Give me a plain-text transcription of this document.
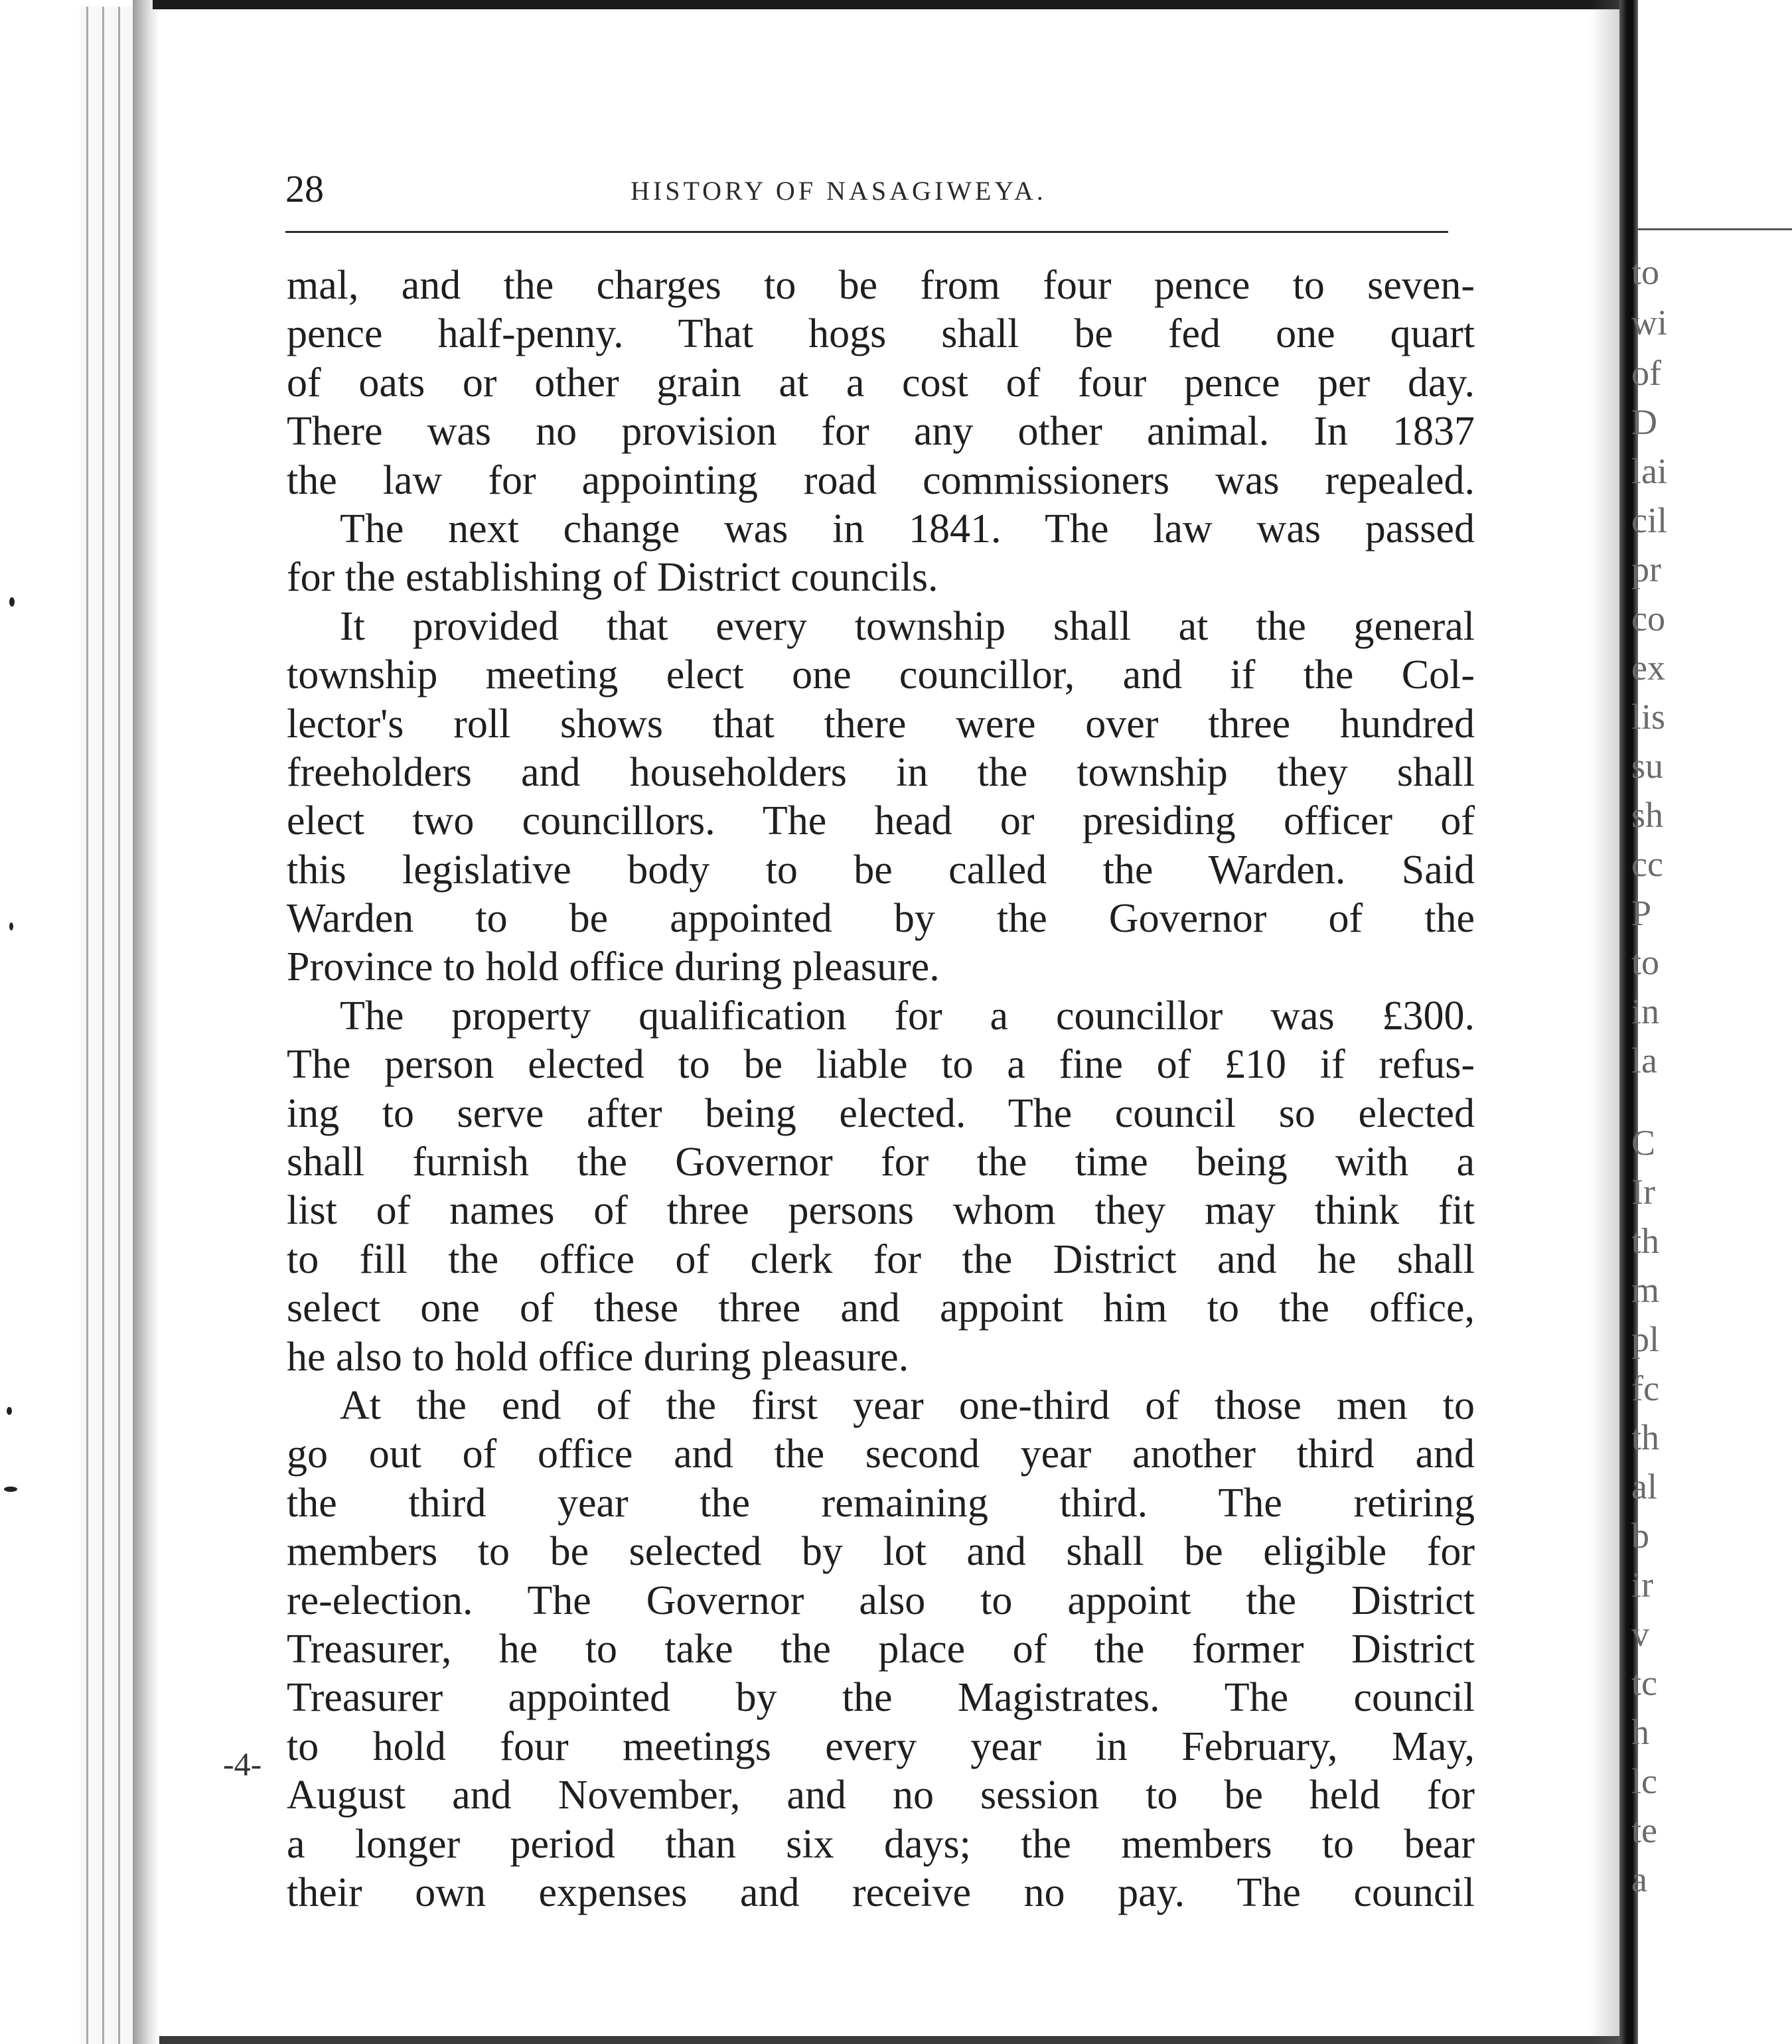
to
wi
of
D
lai
cil
pr
co
ex
lis
su
sh
cc
P
to
in
la
C
Ir
th
m
pl
fc
th
al
b
ir
v
tc
h
lc
te
a
28	HISTORY OF NASAGIWEYA.
mal, and the charges to be from four pence to seven-
pence half-penny. That hogs shall be fed one quart
of oats or other grain at a cost of four pence per day.
There was no provision for any other animal. In 1837
the law for appointing road commissioners was repealed.
The next change was in 1841. The law was passed
for the establishing of District councils.
It provided that every township shall at the general
township meeting elect one councillor, and if the Col-
lector's roll shows that there were over three hundred
freeholders and householders in the township they shall
elect two councillors. The head or presiding officer of
this legislative body to be called the Warden. Said
Warden to be appointed by the Governor of the
Province to hold office during pleasure.
The property qualification for a councillor was £300.
The person elected to be liable to a fine of £10 if refus-
ing to serve after being elected. The council so elected
shall furnish the Governor for the time being with a
list of names of three persons whom they may think fit
to fill the office of clerk for the District and he shall
select one of these three and appoint him to the office,
he also to hold office during pleasure.
At the end of the first year one-third of those men to
go out of office and the second year another third and
the third year the remaining third. The retiring
members to be selected by lot and shall be eligible for
re-election. The Governor also to appoint the District
Treasurer, he to take the place of the former District
Treasurer appointed by the Magistrates. The council
to hold four meetings every year in February, May,
August and November, and no session to be held for
a longer period than six days; the members to bear
their own expenses and receive no pay. The council
-4-
